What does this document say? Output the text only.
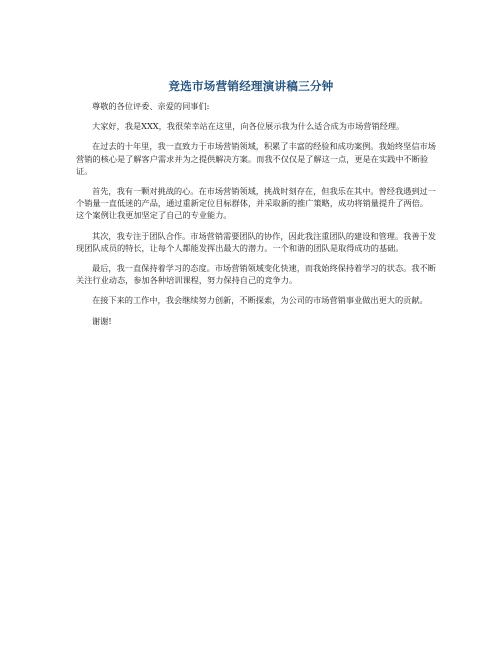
竞选市场营销经理演讲稿三分钟

尊敬的各位评委、亲爱的同事们:

大家好，我是XXX，我很荣幸站在这里，向各位展示我为什么适合成为市场营销经理。

在过去的十年里，我一直致力于市场营销领域，积累了丰富的经验和成功案例。我始终坚信市场营销的核心是了解客户需求并为之提供解决方案。而我不仅仅是了解这一点，更是在实践中不断验证。

首先，我有一颗对挑战的心。在市场营销领域，挑战时刻存在，但我乐在其中。曾经我遇到过一个销量一直低迷的产品，通过重新定位目标群体，并采取新的推广策略，成功将销量提升了两倍。这个案例让我更加坚定了自己的专业能力。

其次，我专注于团队合作。市场营销需要团队的协作，因此我注重团队的建设和管理。我善于发现团队成员的特长，让每个人都能发挥出最大的潜力。一个和谐的团队是取得成功的基础。

最后，我一直保持着学习的态度。市场营销领域变化快速，而我始终保持着学习的状态。我不断关注行业动态，参加各种培训课程，努力保持自己的竞争力。

在接下来的工作中，我会继续努力创新，不断探索，为公司的市场营销事业做出更大的贡献。

谢谢!
